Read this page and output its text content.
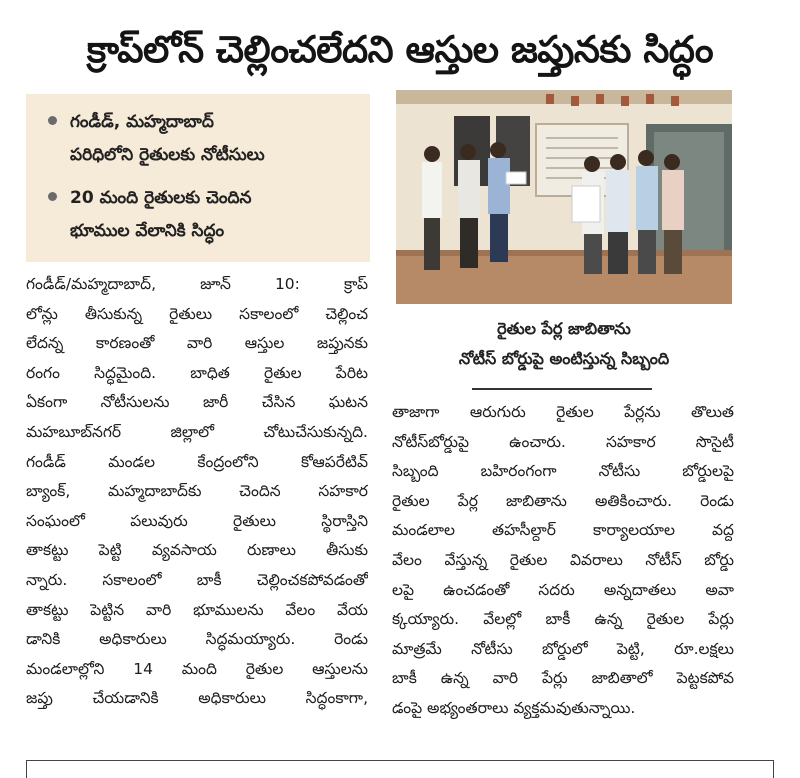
క్రాప్‌లోన్ చెల్లించలేదని ఆస్తుల జప్తునకు సిద్ధం
గండీడ్, మహ్మదాబాద్
పరిధిలోని రైతులకు నోటీసులు
20 మంది రైతులకు చెందిన
భూముల వేలానికి సిద్ధం
రైతుల పేర్ల జాబితాను
నోటీస్ బోర్డుపై అంటిస్తున్న సిబ్బంది
గండీడ్/మహ్మదాబాద్, జూన్ 10: క్రాప్
లోన్లు తీసుకున్న రైతులు సకాలంలో చెల్లించ
లేదన్న కారణంతో వారి ఆస్తుల జప్తునకు
రంగం సిద్ధమైంది. బాధిత రైతుల పేరిట
ఏకంగా నోటీసులను జారీ చేసిన ఘటన
మహబూబ్‌నగర్ జిల్లాలో చోటుచేసుకున్నది.
గండీడ్ మండల కేంద్రంలోని కోఆపరేటివ్
బ్యాంక్, మహ్మదాబాద్‌కు చెందిన సహకార
సంఘంలో పలువురు రైతులు స్థిరాస్తిని
తాకట్టు పెట్టి వ్యవసాయ రుణాలు తీసుకు
న్నారు. సకాలంలో బాకీ చెల్లించకపోవడంతో
తాకట్టు పెట్టిన వారి భూములను వేలం వేయ
డానికి అధికారులు సిద్ధమయ్యారు. రెండు
మండలాల్లోని 14 మంది రైతుల ఆస్తులను
జప్తు చేయడానికి అధికారులు సిద్ధంకాగా,
తాజాగా ఆరుగురు రైతుల పేర్లను తొలుత
నోటీస్‌బోర్డుపై ఉంచారు. సహకార సొసైటీ
సిబ్బంది బహిరంగంగా నోటీసు బోర్డులపై
రైతుల పేర్ల జాబితాను అతికించారు. రెండు
మండలాల తహసీల్దార్ కార్యాలయాల వద్ద
వేలం వేస్తున్న రైతుల వివరాలు నోటీస్ బోర్డు
లపై ఉంచడంతో సదరు అన్నదాతలు అవా
క్కయ్యారు. వేలల్లో బాకీ ఉన్న రైతుల పేర్లు
మాత్రమే నోటీసు బోర్డులో పెట్టి, రూ.లక్షలు
బాకీ ఉన్న వారి పేర్లు జాబితాలో పెట్టకపోవ
డంపై అభ్యంతరాలు వ్యక్తమవుతున్నాయి.
